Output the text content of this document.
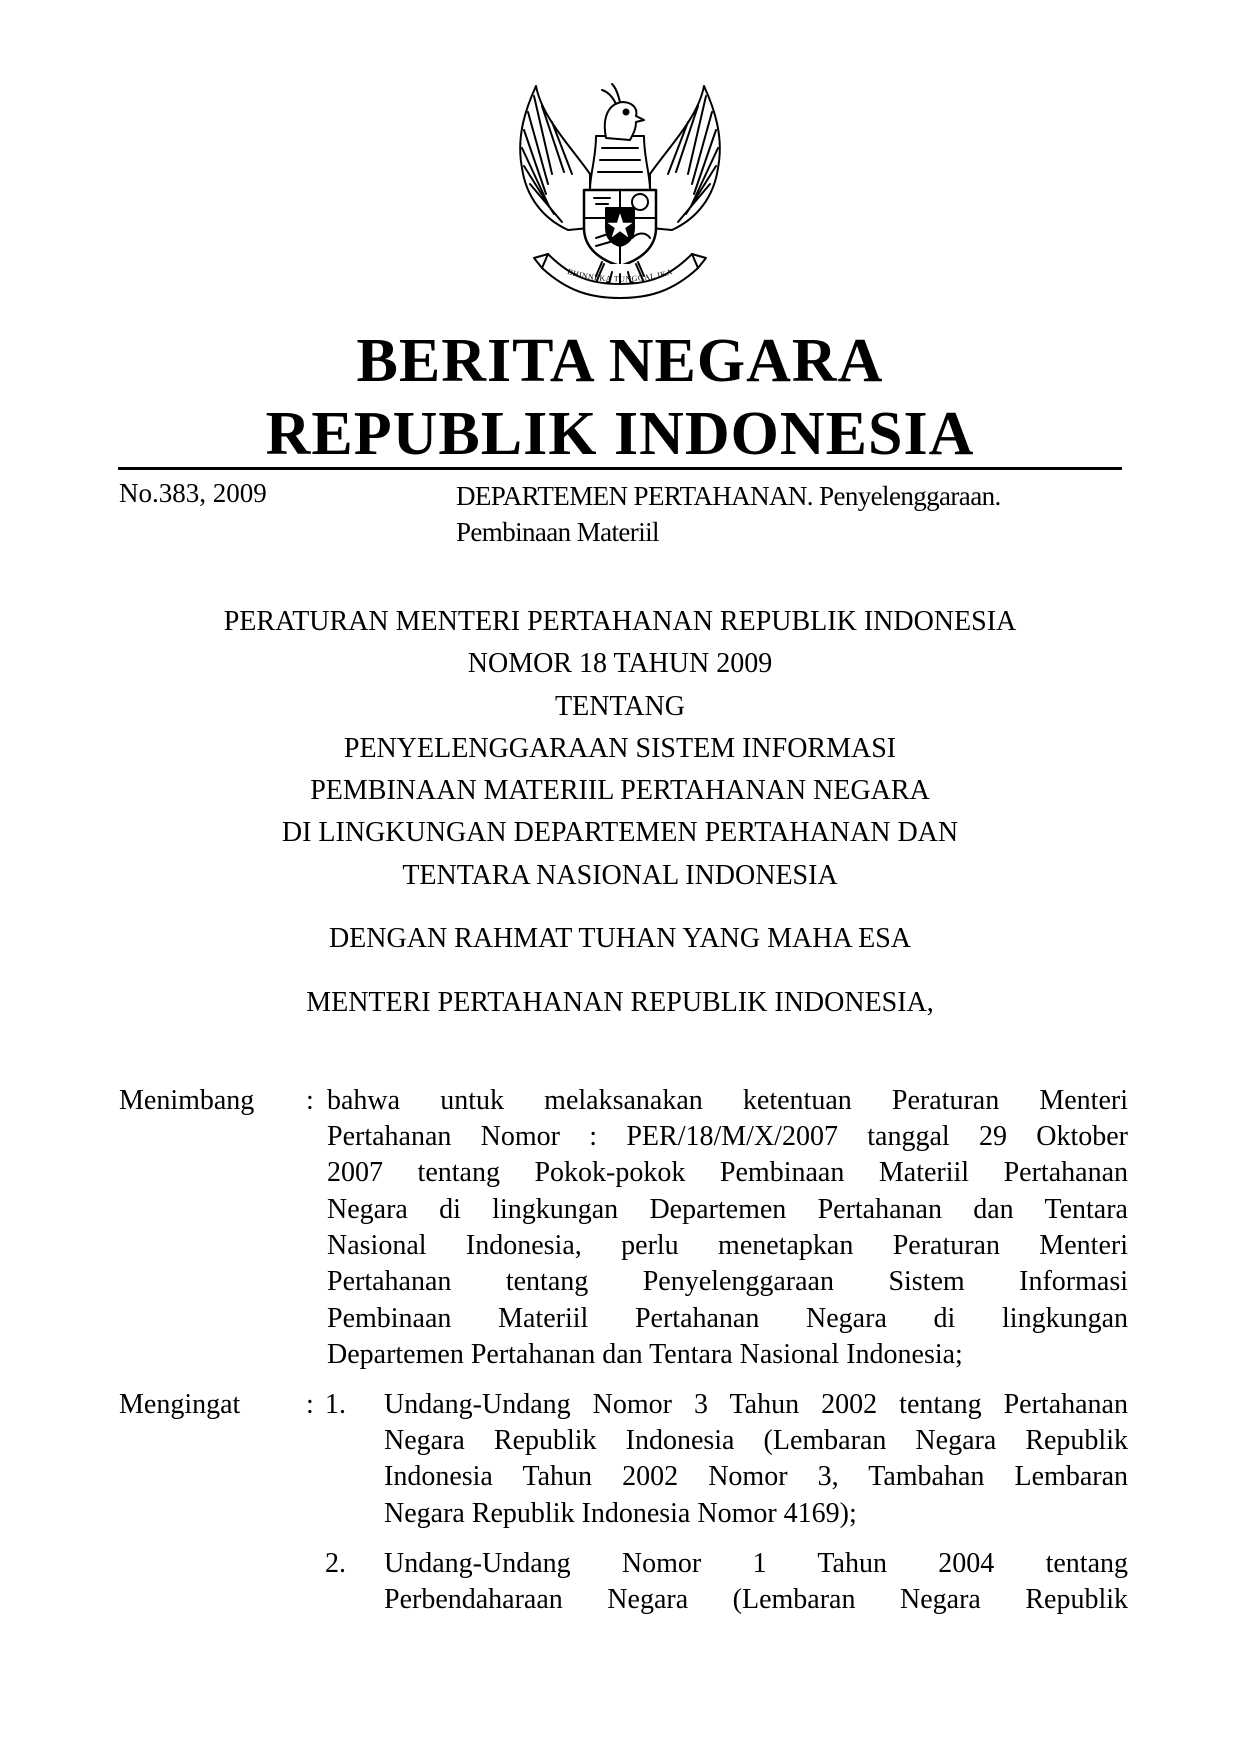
BHINNEKA TUNGGAL IKA
BERITA NEGARA
REPUBLIK INDONESIA
No.383, 2009	DEPARTEMEN PERTAHANAN. Penyelenggaraan.
Pembinaan Materiil
PERATURAN MENTERI PERTAHANAN REPUBLIK INDONESIA
NOMOR 18 TAHUN 2009
TENTANG
PENYELENGGARAAN SISTEM INFORMASI
PEMBINAAN MATERIIL PERTAHANAN NEGARA
DI LINGKUNGAN DEPARTEMEN PERTAHANAN DAN
TENTARA NASIONAL INDONESIA
DENGAN RAHMAT TUHAN YANG MAHA ESA
MENTERI PERTAHANAN REPUBLIK INDONESIA,
Menimbang : bahwa untuk melaksanakan ketentuan Peraturan Menteri
Pertahanan Nomor : PER/18/M/X/2007 tanggal 29 Oktober
2007 tentang Pokok-pokok Pembinaan Materiil Pertahanan
Negara di lingkungan Departemen Pertahanan dan Tentara
Nasional Indonesia, perlu menetapkan Peraturan Menteri
Pertahanan tentang Penyelenggaraan Sistem Informasi
Pembinaan Materiil Pertahanan Negara di lingkungan
Departemen Pertahanan dan Tentara Nasional Indonesia;
Mengingat : 1. Undang-Undang Nomor 3 Tahun 2002 tentang Pertahanan
Negara Republik Indonesia (Lembaran Negara Republik
Indonesia Tahun 2002 Nomor 3, Tambahan Lembaran
Negara Republik Indonesia Nomor 4169);
2. Undang-Undang Nomor 1 Tahun 2004 tentang
Perbendaharaan Negara (Lembaran Negara Republik
